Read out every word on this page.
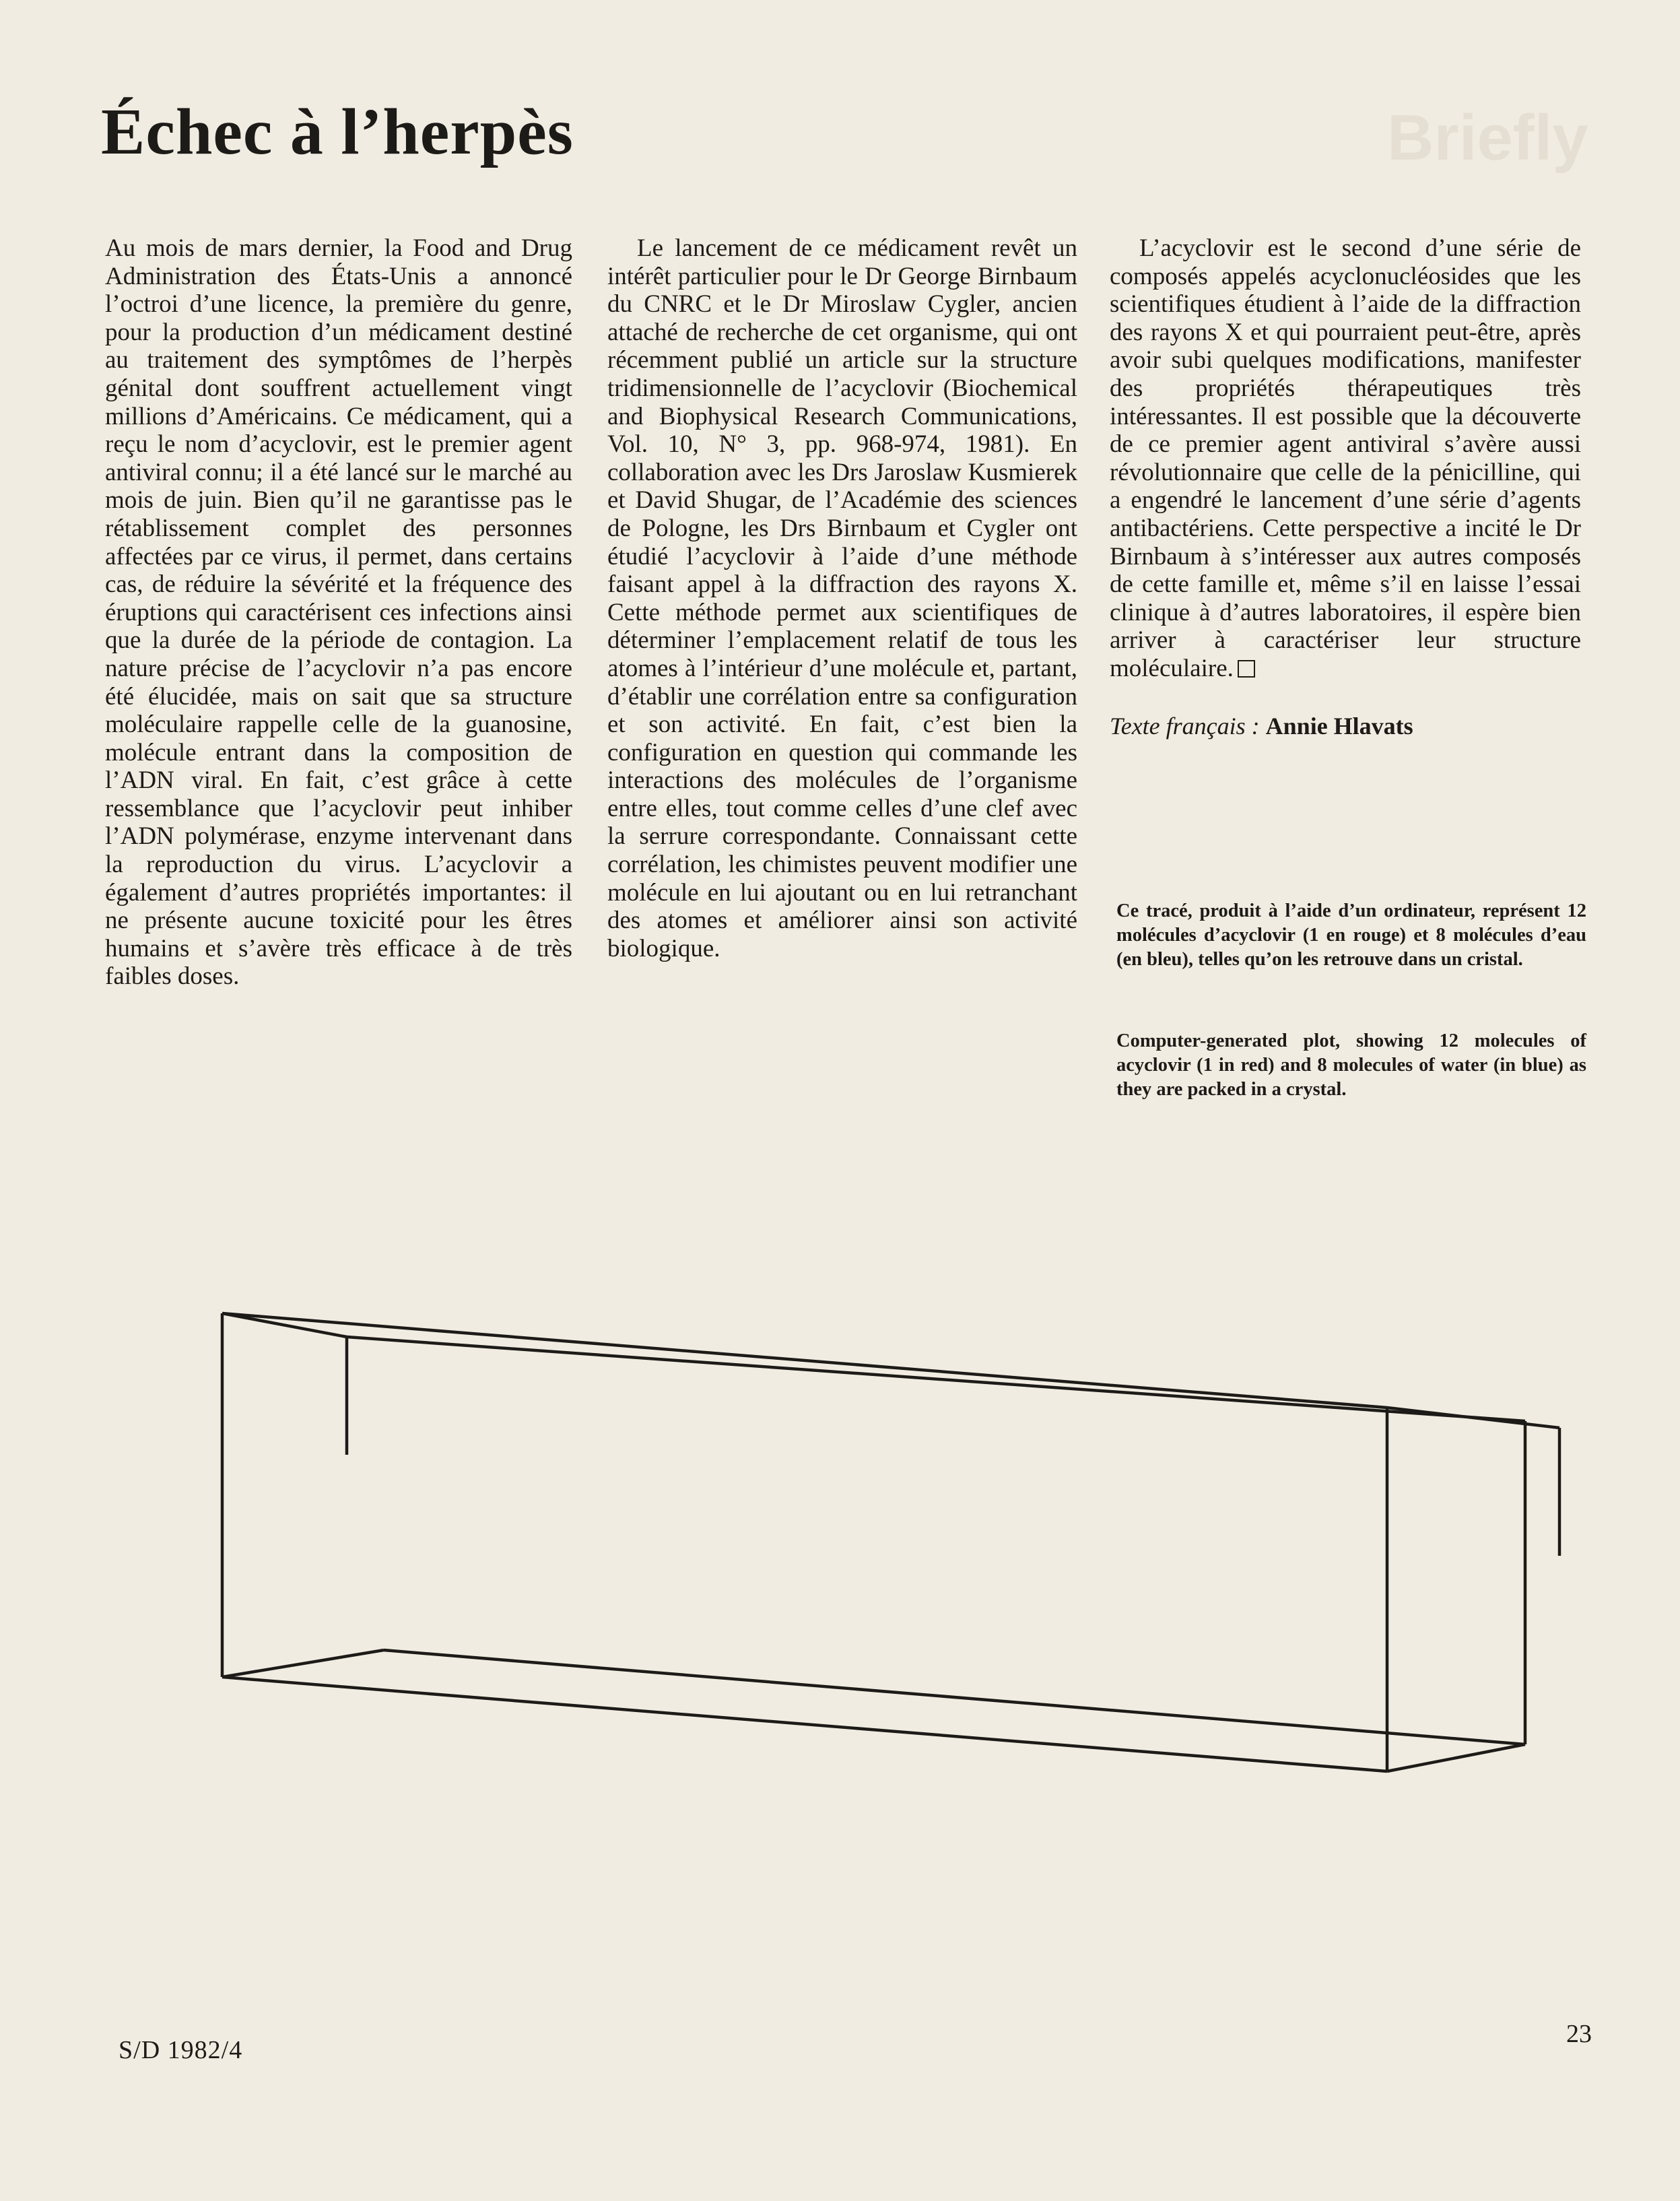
Briefly
Échec à l’herpès

Au mois de mars dernier, la Food and Drug Administration des États-Unis a annoncé l’octroi d’une licence, la première du genre, pour la production d’un médicament destiné au traitement des symptômes de l’herpès génital dont souffrent actuellement vingt millions d’Américains. Ce médicament, qui a reçu le nom d’acyclovir, est le premier agent antiviral connu; il a été lancé sur le marché au mois de juin. Bien qu’il ne garantisse pas le rétablissement complet des personnes affectées par ce virus, il permet, dans certains cas, de réduire la sévérité et la fréquence des éruptions qui caractérisent ces infections ainsi que la durée de la période de contagion. La nature précise de l’acyclovir n’a pas encore été élucidée, mais on sait que sa structure moléculaire rappelle celle de la guanosine, molécule entrant dans la composition de l’ADN viral. En fait, c’est grâce à cette ressemblance que l’acyclovir peut inhiber l’ADN polymérase, enzyme intervenant dans la reproduction du virus. L’acyclovir a également d’autres propriétés importantes: il ne présente aucune toxicité pour les êtres humains et s’avère très efficace à de très faibles doses.

Le lancement de ce médicament revêt un intérêt particulier pour le Dr George Birnbaum du CNRC et le Dr Miroslaw Cygler, ancien attaché de recherche de cet organisme, qui ont récemment publié un article sur la structure tridimensionnelle de l’acyclovir (Biochemical and Biophysical Research Communications, Vol. 10, N° 3, pp. 968-974, 1981). En collaboration avec les Drs Jaroslaw Kusmierek et David Shugar, de l’Académie des sciences de Pologne, les Drs Birnbaum et Cygler ont étudié l’acyclovir à l’aide d’une méthode faisant appel à la diffraction des rayons X. Cette méthode permet aux scientifiques de déterminer l’emplacement relatif de tous les atomes à l’intérieur d’une molécule et, partant, d’établir une corrélation entre sa configuration et son activité. En fait, c’est bien la configuration en question qui commande les interactions des molécules de l’organisme entre elles, tout comme celles d’une clef avec la serrure correspondante. Connaissant cette corrélation, les chimistes peuvent modifier une molécule en lui ajoutant ou en lui retranchant des atomes et améliorer ainsi son activité biologique.

L’acyclovir est le second d’une série de composés appelés acyclonucléosides que les scientifiques étudient à l’aide de la diffraction des rayons X et qui pourraient peut-être, après avoir subi quelques modifications, manifester des propriétés thérapeutiques très intéressantes. Il est possible que la découverte de ce premier agent antiviral s’avère aussi révolutionnaire que celle de la pénicilline, qui a engendré le lancement d’une série d’agents antibactériens. Cette perspective a incité le Dr Birnbaum à s’intéresser aux autres composés de cette famille et, même s’il en laisse l’essai clinique à d’autres laboratoires, il espère bien arriver à caractériser leur structure moléculaire.

Texte français : Annie Hlavats

Ce tracé, produit à l’aide d’un ordinateur, représent 12 molécules d’acyclovir (1 en rouge) et 8 molécules d’eau (en bleu), telles qu’on les retrouve dans un cristal.

Computer-generated plot, showing 12 molecules of acyclovir (1 in red) and 8 molecules of water (in blue) as they are packed in a crystal.

S/D 1982/4
23
